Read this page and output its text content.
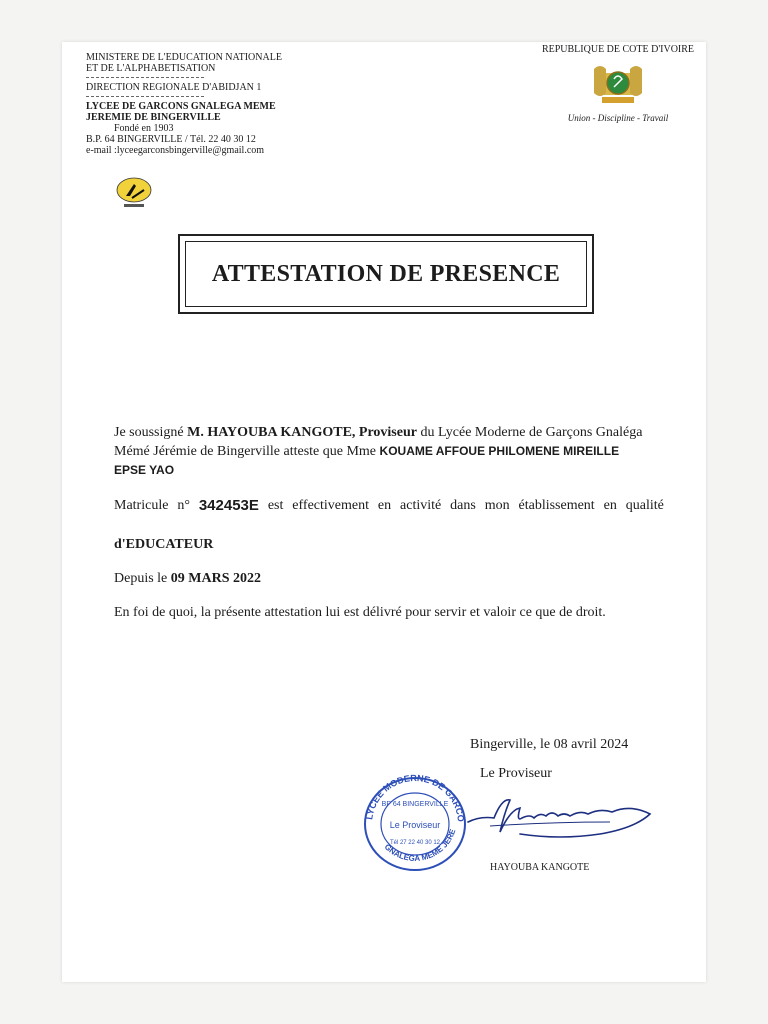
MINISTERE DE L'EDUCATION NATIONALE
ET DE L'ALPHABETISATION
DIRECTION REGIONALE D'ABIDJAN 1
LYCEE DE GARCONS GNALEGA MEME
JEREMIE DE BINGERVILLE
Fondé en 1903
B.P. 64 BINGERVILLE / Tél. 22 40 30 12
e-mail :lyceegarconsbingerville@gmail.com
REPUBLIQUE DE COTE D'IVOIRE
Union - Discipline - Travail
ATTESTATION DE PRESENCE
Je soussigné M. HAYOUBA KANGOTE, Proviseur du Lycée Moderne de Garçons Gnaléga
Mémé Jérémie de Bingerville atteste que Mme KOUAME AFFOUE PHILOMENE MIREILLE
EPSE YAO
Matricule n° 342453E est effectivement en activité dans mon établissement en qualité
d'EDUCATEUR
Depuis le 09 MARS 2022
En foi de quoi, la présente attestation lui est délivré pour servir et valoir ce que de droit.
Bingerville, le 08 avril 2024
Le Proviseur
LYCEE MODERNE DE GARCO
GNALEGA MEME JERE
BP 64 BINGERVILLE
Le Proviseur
Tél 27 22 40 30 12
HAYOUBA KANGOTE
